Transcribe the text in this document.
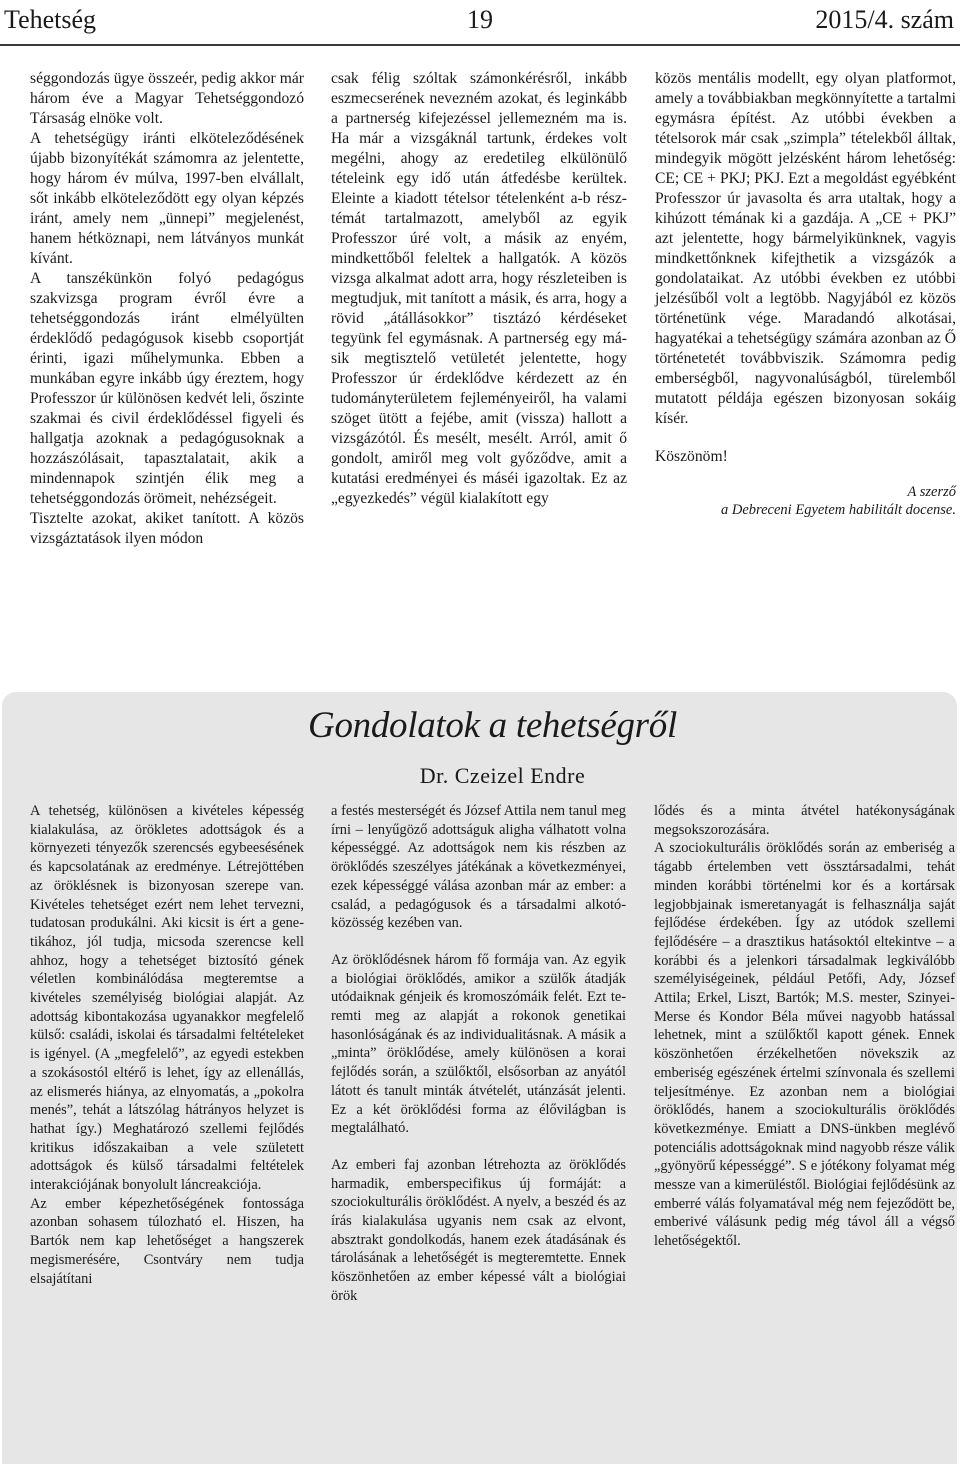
Tehetség	19	2015/4. szám

séggondozás ügye összeér, pedig akkor már három éve a Magyar Tehetséggondozó Társaság elnöke volt.

A tehetségügy iránti elköteleződésének újabb bizonyítékát számomra az jelentette, hogy három év múlva, 1997-ben elvállalt, sőt inkább elköteleződött egy olyan képzés iránt, amely nem „ünnepi” megjelenést, hanem hétköznapi, nem látványos munkát kívánt.

A tanszékünkön folyó pedagógus szakvizsga program évről évre a tehetséggondozás iránt elmélyülten érdeklődő pedagógusok kisebb csoportját érinti, igazi műhelymunka. Ebben a munkában egyre inkább úgy éreztem, hogy Professzor úr különösen kedvét leli, őszinte szakmai és civil érdeklődéssel figyeli és hallgatja azoknak a pedagógusoknak a hozzászólásait, tapasztalatait, akik a mindennapok szintjén élik meg a tehetséggondozás örömeit, nehézségeit.

Tisztelte azokat, akiket tanított. A közös vizsgáztatások ilyen módon

csak félig szóltak számonkérésről, inkább eszmecserének nevezném azokat, és leginkább a partnerség kifejezéssel jellemezném ma is. Ha már a vizsgáknál tartunk, érdekes volt megélni, ahogy az eredetileg elkülönülő tételeink egy idő után átfedésbe kerültek. Eleinte a kiadott tételsor tételenként a-b résztémát tartalmazott, amelyből az egyik Professzor úré volt, a másik az enyém, mindkettőből feleltek a hallgatók. A közös vizsga alkalmat adott arra, hogy részleteiben is megtudjuk, mit tanított a másik, és arra, hogy a rövid „átállásokkor” tisztázó kérdéseket tegyünk fel egymásnak. A partnerség egy másik megtisztelő vetületét jelentette, hogy Professzor úr érdeklődve kérdezett az én tudományterületem fejleményeiről, ha valami szöget ütött a fejébe, amit (vissza) hallott a vizsgázótól. És mesélt, mesélt. Arról, amit ő gondolt, amiről meg volt győződve, amit a kutatási eredményei és máséi igazoltak. Ez az „egyezkedés” végül kialakított egy

közös mentális modellt, egy olyan platformot, amely a továbbiakban megkönnyítette a tartalmi egymásra építést. Az utóbbi években a tételsorok már csak „szimpla” tételekből álltak, mindegyik mögött jelzésként három lehetőség: CE; CE + PKJ; PKJ. Ezt a megoldást egyébként Professzor úr javasolta és arra utaltak, hogy a kihúzott témának ki a gazdája. A „CE + PKJ” azt jelentette, hogy bármelyikünknek, vagyis mindkettőnknek kifejthetik a vizsgázók a gondolataikat. Az utóbbi években ez utóbbi jelzésűből volt a legtöbb. Nagyjából ez közös történetünk vége. Maradandó alkotásai, hagyatékai a tehetségügy számára azonban az Ő történetetét továbbviszik. Számomra pedig emberségből, nagyvonalúságból, türelemből mutatott példája egészen bizonyosan sokáig kísér.

Köszönöm!

A szerző
a Debreceni Egyetem habilitált docense.

Gondolatok a tehetségről
Dr. Czeizel Endre

A tehetség, különösen a kivételes képesség kialakulása, az örökletes adottságok és a környezeti tényezők szerencsés egybeesésének és kapcsolatának az eredménye. Létrejöttében az öröklésnek is bizonyosan szerepe van. Kivételes tehetséget ezért nem lehet tervezni, tudatosan produkálni. Aki kicsit is ért a genetikához, jól tudja, micsoda szerencse kell ahhoz, hogy a tehetséget biztosító gének véletlen kombinálódása megteremtse a kivételes személyiség biológiai alapját. Az adottság kibontakozása ugyanakkor megfelelő külső: családi, iskolai és társadalmi feltételeket is igényel. (A „megfelelő”, az egyedi estekben a szokásostól eltérő is lehet, így az ellenállás, az elismerés hiánya, az elnyomatás, a „pokolra menés”, tehát a látszólag hátrányos helyzet is hathat így.) Meghatározó szellemi fejlődés kritikus időszakaiban a vele született adottságok és külső társadalmi feltételek interakciójának bonyolult láncreakciója.

Az ember képezhetőségének fontossága azonban sohasem túlozható el. Hiszen, ha Bartók nem kap lehetőséget a hangszerek megismerésére, Csontváry nem tudja elsajátítani

a festés mesterségét és József Attila nem tanul meg írni – lenyűgöző adottságuk aligha válhatott volna képességgé. Az adottságok nem kis részben az öröklődés szeszélyes játékának a következményei, ezek képességgé válása azonban már az ember: a család, a pedagógusok és a társadalmi alkotóközösség kezében van.

Az öröklődésnek három fő formája van. Az egyik a biológiai öröklődés, amikor a szülők átadják utódaiknak génjeik és kromoszómáik felét. Ezt teremti meg az alapját a rokonok genetikai hasonlóságának és az individualitásnak. A másik a „minta” öröklődése, amely különösen a korai fejlődés során, a szülőktől, elsősorban az anyától látott és tanult minták átvételét, utánzását jelenti. Ez a két öröklődési forma az élővilágban is megtalálható.

Az emberi faj azonban létrehozta az öröklődés harmadik, emberspecifikus új formáját: a szociokulturális öröklődést. A nyelv, a beszéd és az írás kialakulása ugyanis nem csak az elvont, absztrakt gondolkodás, hanem ezek átadásának és tárolásának a lehetőségét is megteremtette. Ennek köszönhetően az ember képessé vált a biológiai örök

lődés és a minta átvétel hatékonyságának megsokszorozására.

A szociokulturális öröklődés során az emberiség a tágabb értelemben vett össztársadalmi, tehát minden korábbi történelmi kor és a kortársak legjobbjainak ismeretanyagát is felhasználja saját fejlődése érdekében. Így az utódok szellemi fejlődésére – a drasztikus hatásoktól eltekintve – a korábbi és a jelenkori társadalmak legkiválóbb személyiségeinek, például Petőfi, Ady, József Attila; Erkel, Liszt, Bartók; M.S. mester, Szinyei-Merse és Kondor Béla művei nagyobb hatással lehetnek, mint a szülőktől kapott gének. Ennek köszönhetően érzékelhetően növekszik az emberiség egészének értelmi színvonala és szellemi teljesítménye. Ez azonban nem a biológiai öröklődés, hanem a szociokulturális öröklődés következménye. Emiatt a DNS-ünkben meglévő potenciális adottságoknak mind nagyobb része válik „gyönyörű képességgé”. S e jótékony folyamat még messze van a kimerüléstől. Biológiai fejlődésünk az emberré válás folyamatával még nem fejeződött be, emberivé válásunk pedig még távol áll a végső lehetőségektől.
